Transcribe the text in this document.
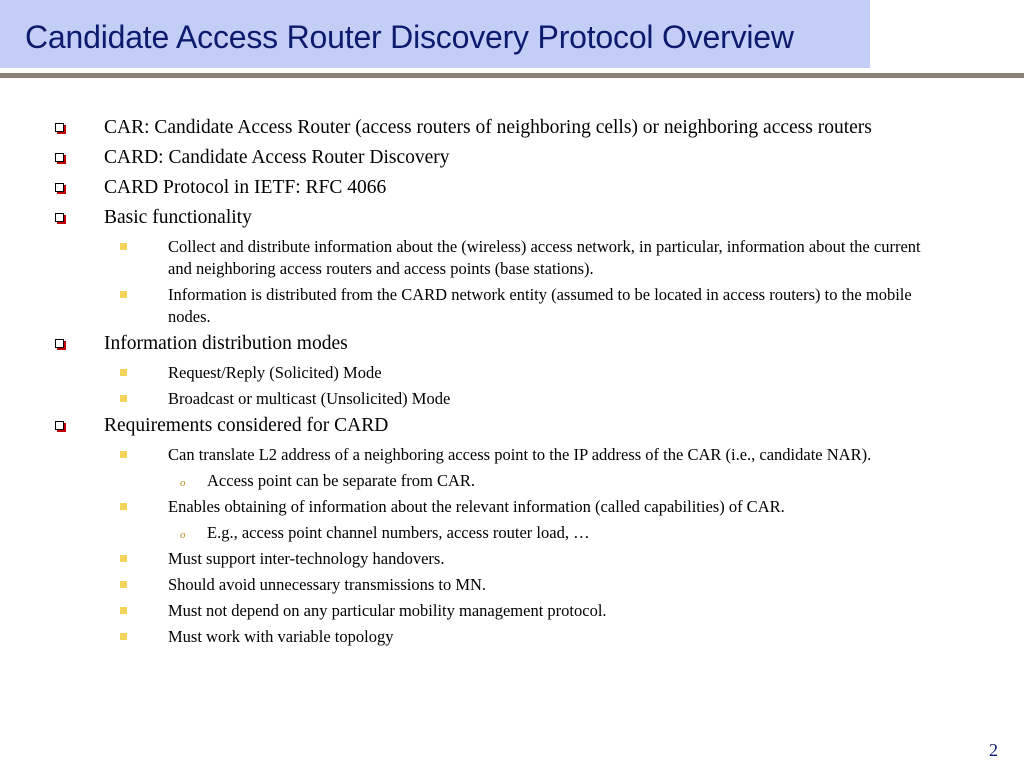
Candidate Access Router Discovery Protocol Overview
CAR: Candidate Access Router (access routers of neighboring cells) or neighboring access routers
CARD: Candidate Access Router Discovery
CARD Protocol in IETF: RFC 4066
Basic functionality
Collect and distribute information about the (wireless) access network, in particular, information about the current and neighboring access routers and access points (base stations).
Information is distributed from the CARD network entity (assumed to be located in access routers) to the mobile nodes.
Information distribution modes
Request/Reply (Solicited) Mode
Broadcast or multicast (Unsolicited) Mode
Requirements considered for CARD
Can translate L2 address of a neighboring access point to the IP address of the CAR (i.e., candidate NAR).
o Access point can be separate from CAR.
Enables obtaining of information about the relevant information (called capabilities) of CAR.
o E.g., access point channel numbers, access router load, …
Must support inter-technology handovers.
Should avoid unnecessary transmissions to MN.
Must not depend on any particular mobility management protocol.
Must work with variable topology
2
